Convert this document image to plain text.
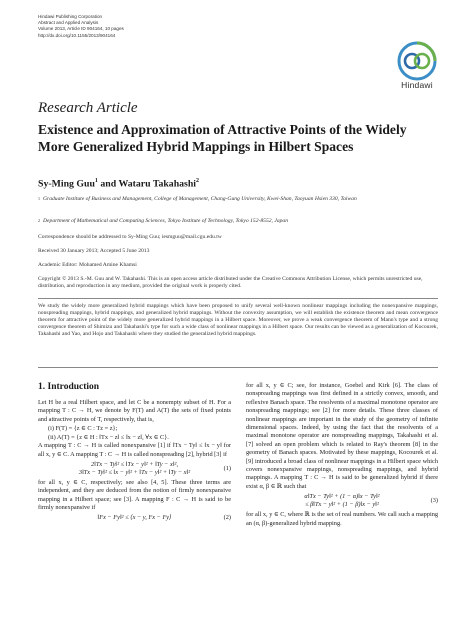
Hindawi Publishing Corporation
Abstract and Applied Analysis
Volume 2013, Article ID 904164, 10 pages
http://dx.doi.org/10.1155/2013/904164
Hindawi
Research Article
Existence and Approximation of Attractive Points of the Widely More Generalized Hybrid Mappings in Hilbert Spaces
Sy-Ming Guu$^1$ and Wataru Takahashi$^2$
1 Graduate Institute of Business and Management, College of Management, Chang-Gung University, Kwei-Shan, Taoyuan Hsien 330, Taiwan
2 Department of Mathematical and Computing Sciences, Tokyo Institute of Technology, Tokyo 152-8552, Japan
Correspondence should be addressed to Sy-Ming Guu; iesmguu@mail.cgu.edu.tw
Received 30 January 2013; Accepted 5 June 2013
Academic Editor: Mohamed Amine Khamsi
Copyright © 2013 S.-M. Guu and W. Takahashi. This is an open access article distributed under the Creative Commons Attribution License, which permits unrestricted use, distribution, and reproduction in any medium, provided the original work is properly cited.
We study the widely more generalized hybrid mappings which have been proposed to unify several well-known nonlinear mappings including the nonexpansive mappings, nonspreading mappings, hybrid mappings, and generalized hybrid mappings. Without the convexity assumption, we will establish the existence theorem and mean convergence theorem for attractive point of the widely more generalized hybrid mappings in a Hilbert space. Moreover, we prove a weak convergence theorem of Mann's type and a strong convergence theorem of Shimizu and Takahashi's type for such a wide class of nonlinear mappings in a Hilbert space. Our results can be viewed as a generalization of Kocourek, Takahashi and Yao, and Hojo and Takahashi where they studied the generalized hybrid mappings.
1. Introduction

Let H be a real Hilbert space, and let C be a nonempty subset of H. For a mapping T : C → H, we denote by F(T) and A(T) the sets of fixed points and attractive points of T, respectively, that is,

(i) F(T) = {z ∈ C : Tz = z};
(ii) A(T) = {z ∈ H : ‖Tx − z‖ ≤ ‖x − z‖, ∀x ∈ C}.

A mapping T : C → H is called nonexpansive [1] if ‖Tx − Ty‖ ≤ ‖x − y‖ for all x, y ∈ C. A mapping T : C → H is called nonspreading [2], hybrid [3] if

2‖Tx − Ty‖² ≤ ‖Tx − y‖² + ‖Ty − x‖²,
3‖Tx − Ty‖² ≤ ‖x − y‖² + ‖Tx − y‖² + ‖Ty − x‖²
(1)

for all x, y ∈ C, respectively; see also [4, 5]. These three terms are independent, and they are deduced from the notion of firmly nonexpansive mapping in a Hilbert space; see [3]. A mapping F : C → H is said to be firmly nonexpansive if

‖Fx − Fy‖² ≤ ⟨x − y, Fx − Fy⟩	(2)

for all x, y ∈ C; see, for instance, Goebel and Kirk [6]. The class of nonspreading mappings was first defined in a strictly convex, smooth, and reflexive Banach space. The resolvents of a maximal monotone operator are nonspreading mappings; see [2] for more details. These three classes of nonlinear mappings are important in the study of the geometry of infinite dimensional spaces. Indeed, by using the fact that the resolvents of a maximal monotone operator are nonspreading mappings, Takahashi et al. [7] solved an open problem which is related to Ray's theorem [8] in the geometry of Banach spaces. Motivated by these mappings, Kocourek et al. [9] introduced a broad class of nonlinear mappings in a Hilbert space which covers nonexpansive mappings, nonspreading mappings, and hybrid mappings. A mapping T : C → H is said to be generalized hybrid if there exist α, β ∈ ℝ such that

α‖Tx − Ty‖² + (1 − α)‖x − Ty‖²
≤ β‖Tx − y‖² + (1 − β)‖x − y‖²
(3)

for all x, y ∈ C, where ℝ is the set of real numbers. We call such a mapping an (α, β)-generalized hybrid mapping.
